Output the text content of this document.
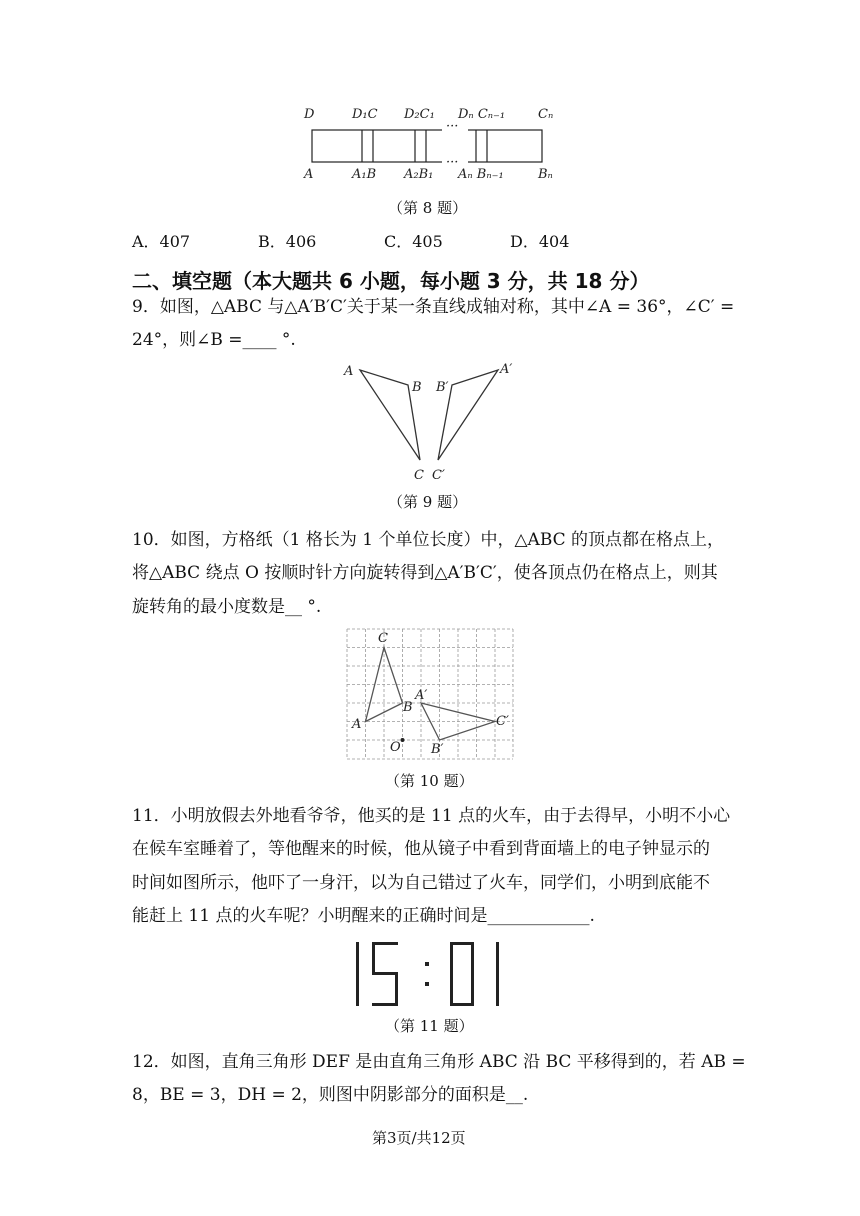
D	D₁C D₂C₁
···
Dₙ Cₙ₋₁	Cₙ
A	A₁B A₂B₁
···
Aₙ Bₙ₋₁	Bₙ
（第 8 题）
A．407	B．406	C．405	D．404
二、填空题（本大题共 6 小题，每小题 3 分，共 18 分）
9．如图，△ABC 与△A′B′C′关于某一条直线成轴对称，其中∠A = 36°，∠C′ =
24°，则∠B =____ °.
A
B
C
B′
A′
C′
（第 9 题）
10．如图，方格纸（1 格长为 1 个单位长度）中，△ABC 的顶点都在格点上，
将△ABC 绕点 O 按顺时针方向旋转得到△A′B′C′，使各顶点仍在格点上，则其
旋转角的最小度数是__ °.
C
A′
B
A	C′
O B′
（第 10 题）
11．小明放假去外地看爷爷，他买的是 11 点的火车，由于去得早，小明不小心
在候车室睡着了，等他醒来的时候，他从镜子中看到背面墙上的电子钟显示的
时间如图所示，他吓了一身汗，以为自己错过了火车，同学们，小明到底能不
能赶上 11 点的火车呢？小明醒来的正确时间是____________.
（第 11 题）
12．如图，直角三角形 DEF 是由直角三角形 ABC 沿 BC 平移得到的，若 AB =
8，BE = 3，DH = 2，则图中阴影部分的面积是__.
第3页/共12页
